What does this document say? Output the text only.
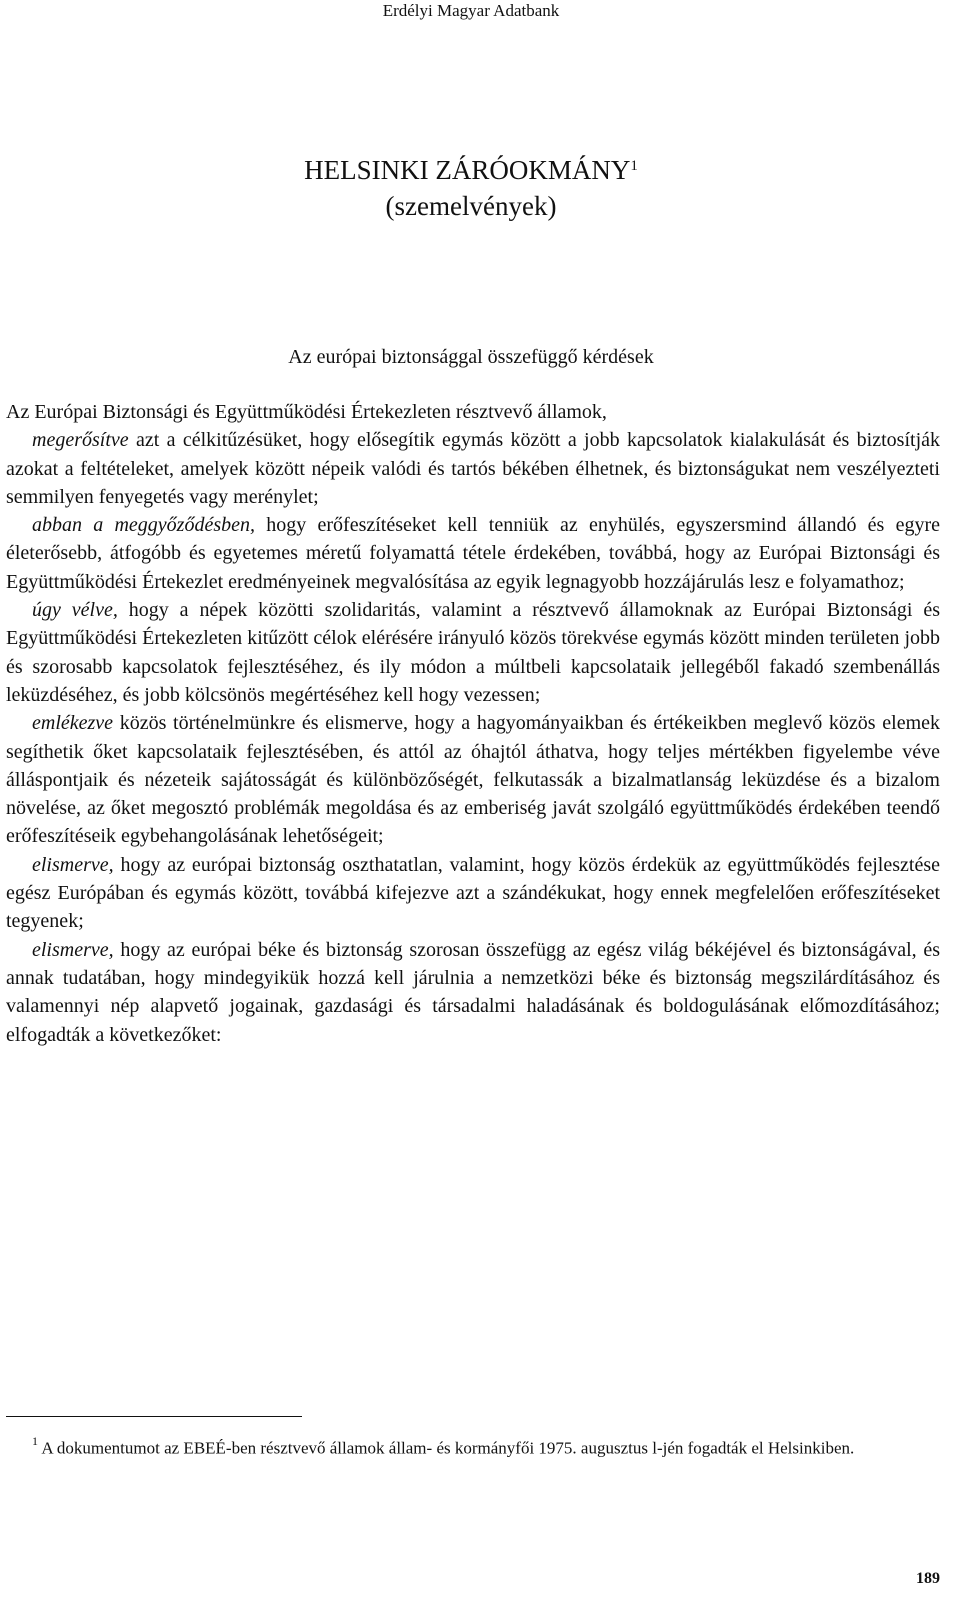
Erdélyi Magyar Adatbank
HELSINKI ZÁRÓOKMÁNY$^1$
(szemelvények)
Az európai biztonsággal összefüggő kérdések

Az Európai Biztonsági és Együttműködési Értekezleten résztvevő államok,

megerősítve azt a célkitűzésüket, hogy elősegítik egymás között a jobb kapcsolatok kialakulását és biztosítják azokat a feltételeket, amelyek között népeik valódi és tartós békében élhetnek, és biztonságukat nem veszélyezteti semmilyen fenyegetés vagy merénylet;

abban a meggyőződésben, hogy erőfeszítéseket kell tenniük az enyhülés, egyszersmind állandó és egyre életerősebb, átfogóbb és egyetemes méretű folyamattá tétele érdekében, továbbá, hogy az Európai Biztonsági és Együttműködési Értekezlet eredményeinek megvalósítása az egyik legnagyobb hozzájárulás lesz e folyamathoz;

úgy vélve, hogy a népek közötti szolidaritás, valamint a résztvevő államoknak az Európai Biztonsági és Együttműködési Értekezleten kitűzött célok elérésére irányuló közös törekvése egymás között minden területen jobb és szorosabb kapcsolatok fejlesztéséhez, és ily módon a múltbeli kapcsolataik jellegéből fakadó szembenállás leküzdéséhez, és jobb kölcsönös megértéséhez kell hogy vezessen;

emlékezve közös történelmünkre és elismerve, hogy a hagyományaikban és értékeikben meglevő közös elemek segíthetik őket kapcsolataik fejlesztésében, és attól az óhajtól áthatva, hogy teljes mértékben figyelembe véve álláspontjaik és nézeteik sajátosságát és különbözőségét, felkutassák a bizalmatlanság leküzdése és a bizalom növelése, az őket megosztó problémák megoldása és az emberiség javát szolgáló együttműködés érdekében teendő erőfeszítéseik egybehangolásának lehetőségeit;

elismerve, hogy az európai biztonság oszthatatlan, valamint, hogy közös érdekük az együttműködés fejlesztése egész Európában és egymás között, továbbá kifejezve azt a szándékukat, hogy ennek megfelelően erőfeszítéseket tegyenek;

elismerve, hogy az európai béke és biztonság szorosan összefügg az egész világ békéjével és biztonságával, és annak tudatában, hogy mindegyikük hozzá kell járulnia a nemzetközi béke és biztonság megszilárdításához és valamennyi nép alapvető jogainak, gazdasági és társadalmi haladásának és boldogulásának előmozdításához; elfogadták a következőket:

$^1$ A dokumentumot az EBEÉ-ben résztvevő államok állam- és kormányfői 1975. augusztus l-jén fogadták el Helsinkiben.

189
